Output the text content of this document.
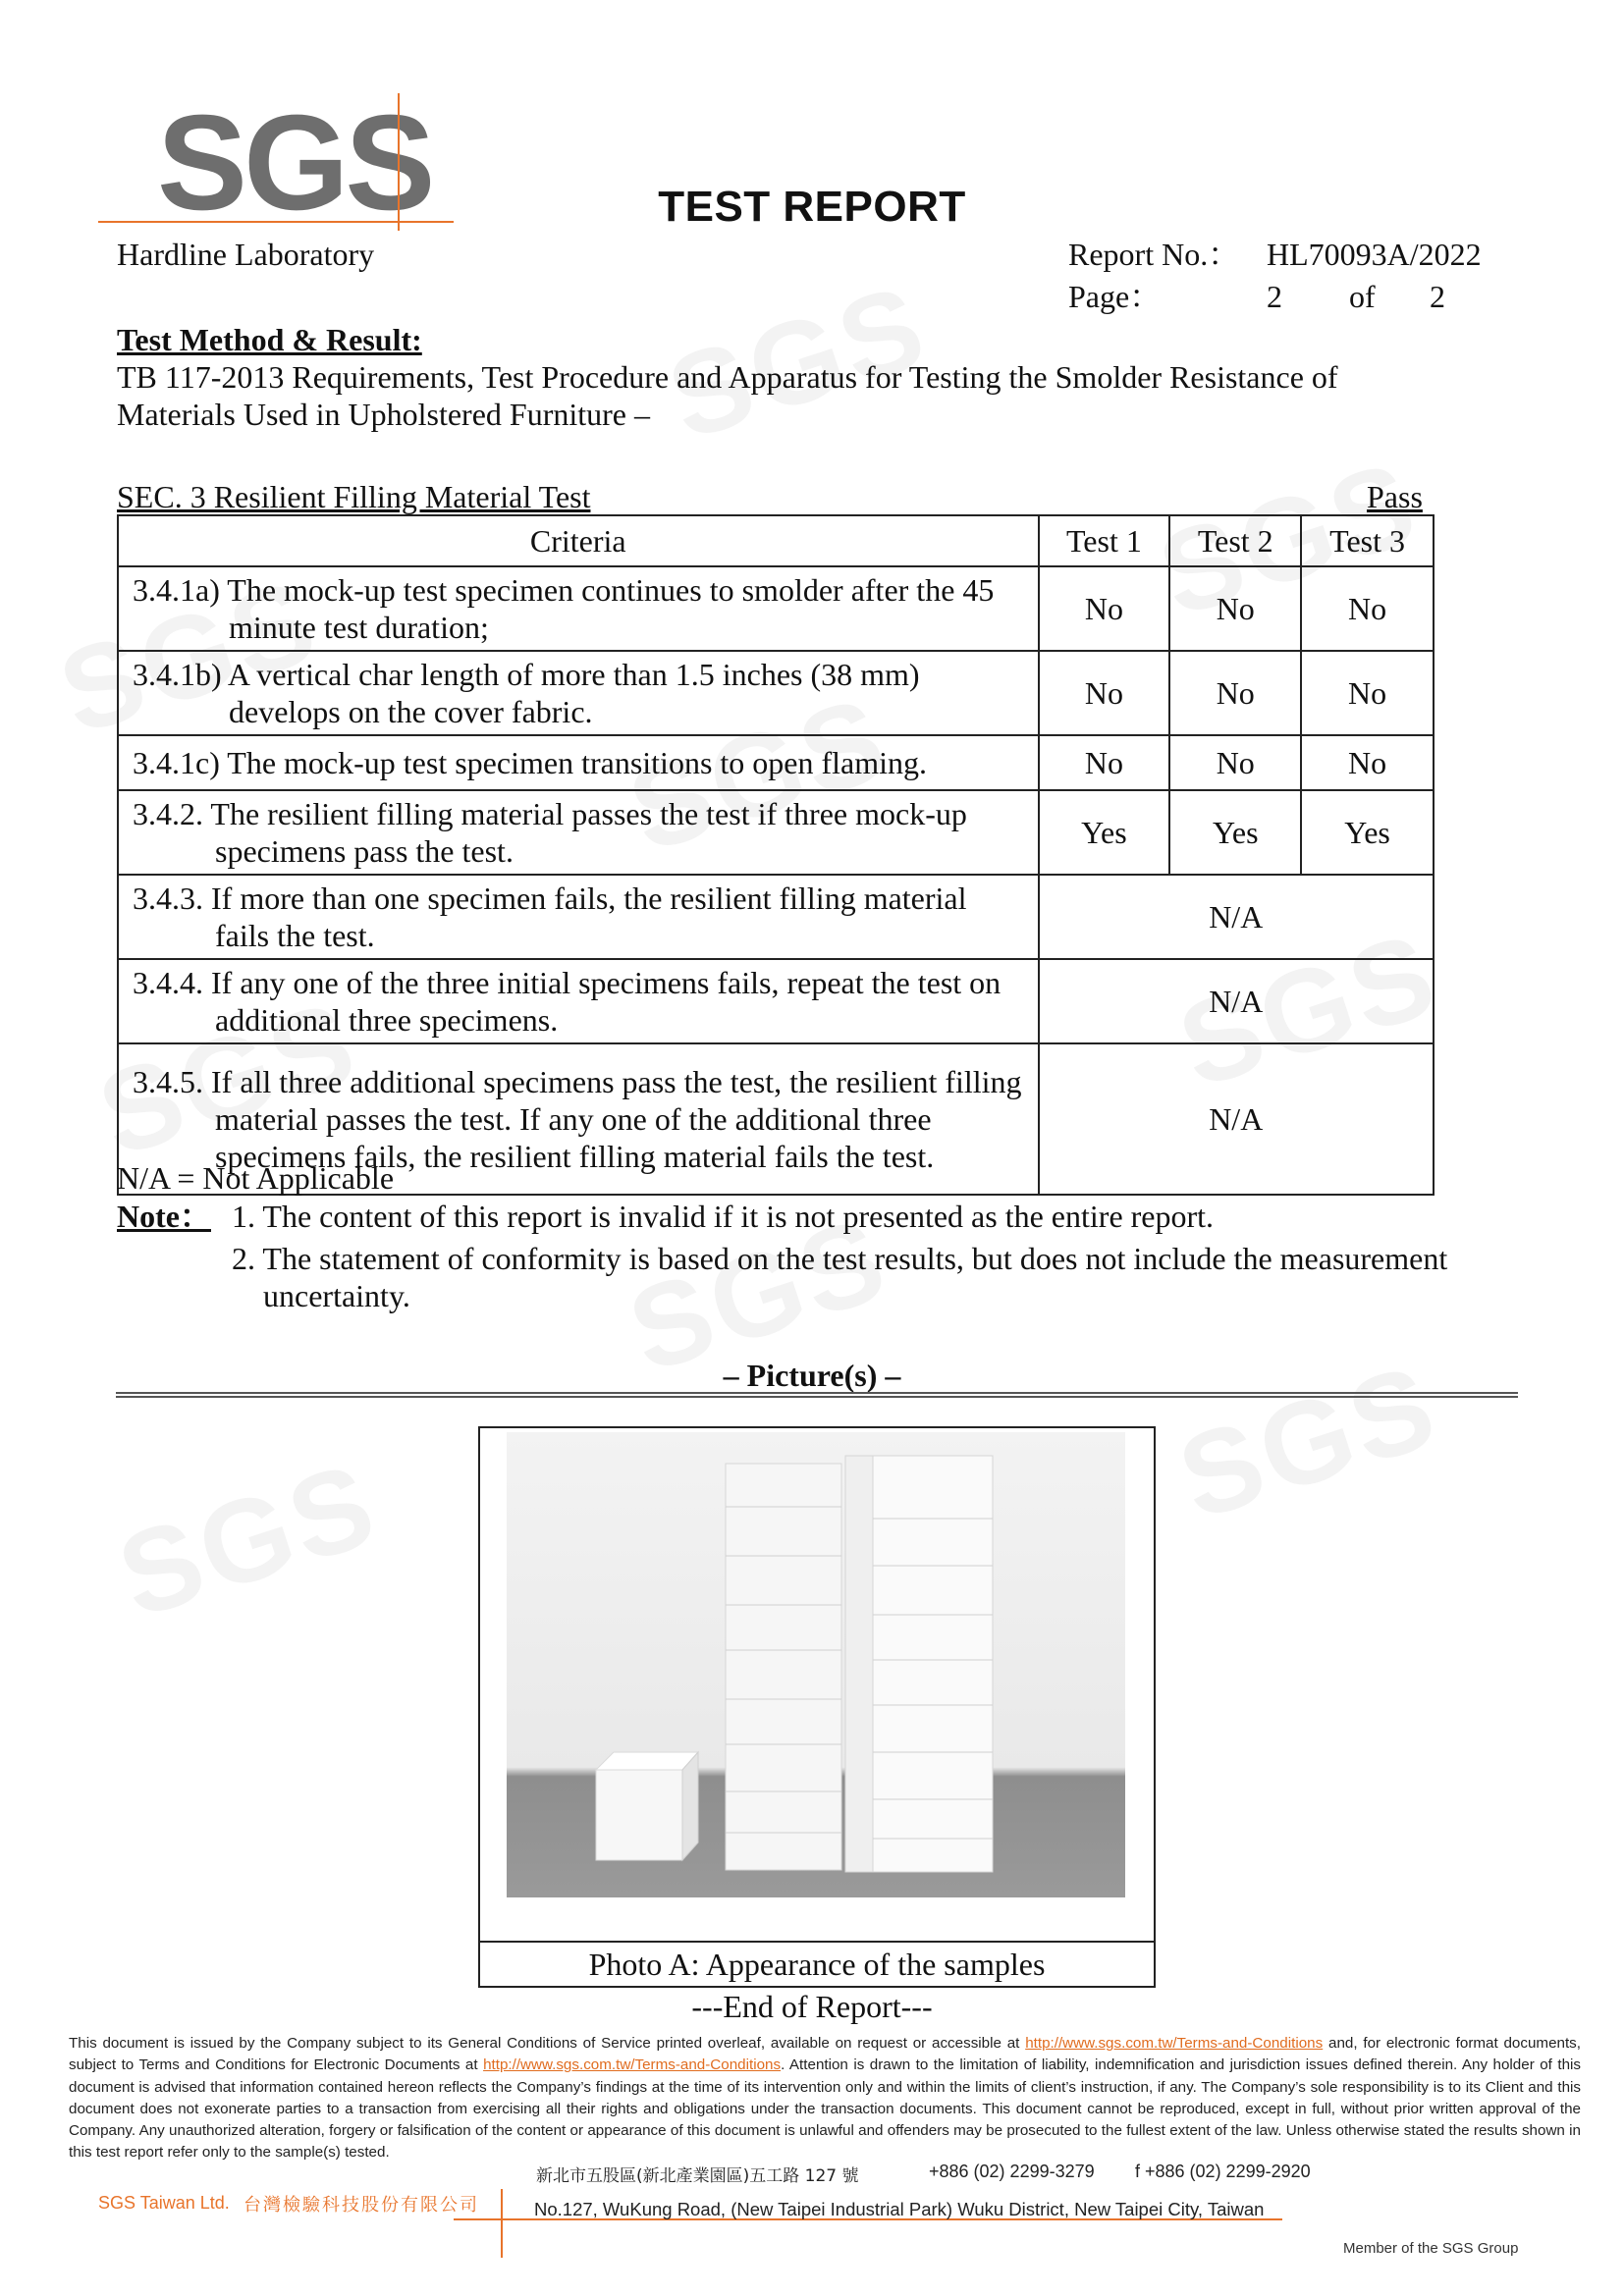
SGS	TEST REPORT
Hardline Laboratory	Report No.： HL70093A/2022
Page：	2 of 2
Test Method & Result:
TB 117-2013 Requirements, Test Procedure and Apparatus for Testing the Smolder Resistance of
Materials Used in Upholstered Furniture –
SEC. 3 Resilient Filling Material Test	Pass
Criteria	Test 1	Test 2	Test 3

3.4.1a) The mock-up test specimen continues to smolder after the 45 minute test duration;	No	No	No

3.4.1b) A vertical char length of more than 1.5 inches (38 mm) develops on the cover fabric.	No	No	No
3.4.1c) The mock-up test specimen transitions to open flaming.	No	No	No

3.4.2. The resilient filling material passes the test if three mock-up specimens pass the test.	Yes	Yes	Yes

3.4.3. If more than one specimen fails, the resilient filling material fails the test.	N/A		

3.4.4. If any one of the three initial specimens fails, repeat the test on additional three specimens.	N/A		

3.4.5. If all three additional specimens pass the test, the resilient filling material passes the test. If any one of the additional three specimens fails, the resilient filling material fails the test.	N/A		
N/A = Not Applicable
Note： 1. The content of this report is invalid if it is not presented as the entire report.
2. The statement of conformity is based on the test results, but does not include the measurement uncertainty.
– Picture(s) –
Photo A: Appearance of the samples
---End of Report---
This document is issued by the Company subject to its General Conditions of Service printed overleaf, available on request or accessible at http://www.sgs.com.tw/Terms-and-Conditions and, for electronic format documents, subject to Terms and Conditions for Electronic Documents at http://www.sgs.com.tw/Terms-and-Conditions. Attention is drawn to the limitation of liability, indemnification and jurisdiction issues defined therein. Any holder of this document is advised that information contained hereon reflects the Company’s findings at the time of its intervention only and within the limits of client’s instruction, if any. The Company’s sole responsibility is to its Client and this document does not exonerate parties to a transaction from exercising all their rights and obligations under the transaction documents. This document cannot be reproduced, except in full, without prior written approval of the Company. Any unauthorized alteration, forgery or falsification of the content or appearance of this document is unlawful and offenders may be prosecuted to the fullest extent of the law. Unless otherwise stated the results shown in this test report refer only to the sample(s) tested.
SGS Taiwan Ltd. 台灣檢驗科技股份有限公司
新北市五股區(新北產業園區)五工路 127 號	+886 (02) 2299-3279 f +886 (02) 2299-2920
No.127, WuKung Road, (New Taipei Industrial Park) Wuku District, New Taipei City, Taiwan
Member of the SGS Group
